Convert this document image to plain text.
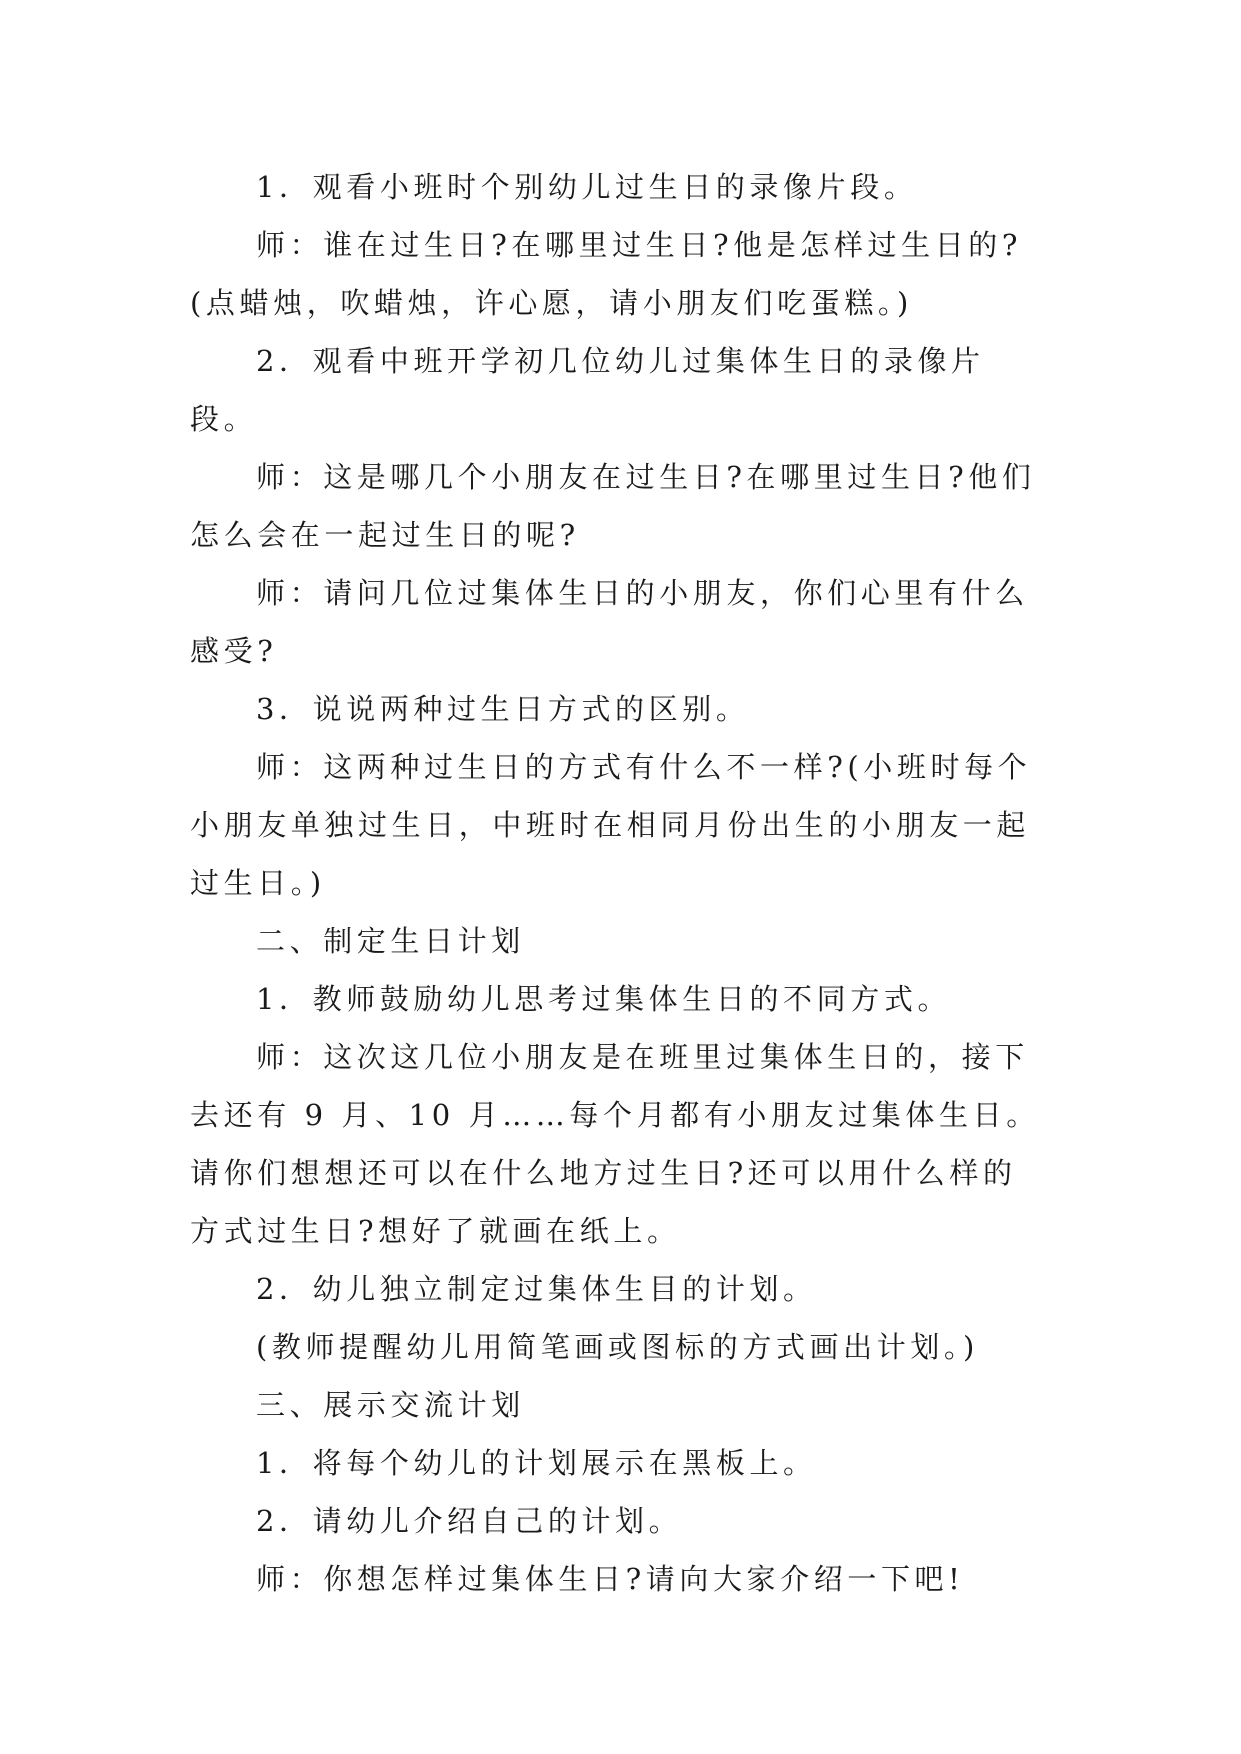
1．观看小班时个别幼儿过生日的录像片段。

师：谁在过生日?在哪里过生日?他是怎样过生日的?(点蜡烛，吹蜡烛，许心愿，请小朋友们吃蛋糕。)

2．观看中班开学初几位幼儿过集体生日的录像片段。

师：这是哪几个小朋友在过生日?在哪里过生日?他们怎么会在一起过生日的呢?

师：请问几位过集体生日的小朋友，你们心里有什么感受?

3．说说两种过生日方式的区别。

师：这两种过生日的方式有什么不一样?(小班时每个小朋友单独过生日，中班时在相同月份出生的小朋友一起过生日。)

二、制定生日计划

1．教师鼓励幼儿思考过集体生日的不同方式。

师：这次这几位小朋友是在班里过集体生日的，接下去还有 9 月、10 月……每个月都有小朋友过集体生日。请你们想想还可以在什么地方过生日?还可以用什么样的方式过生日?想好了就画在纸上。

2．幼儿独立制定过集体生目的计划。

(教师提醒幼儿用简笔画或图标的方式画出计划。)

三、展示交流计划

1．将每个幼儿的计划展示在黑板上。

2．请幼儿介绍自己的计划。

师：你想怎样过集体生日?请向大家介绍一下吧!
